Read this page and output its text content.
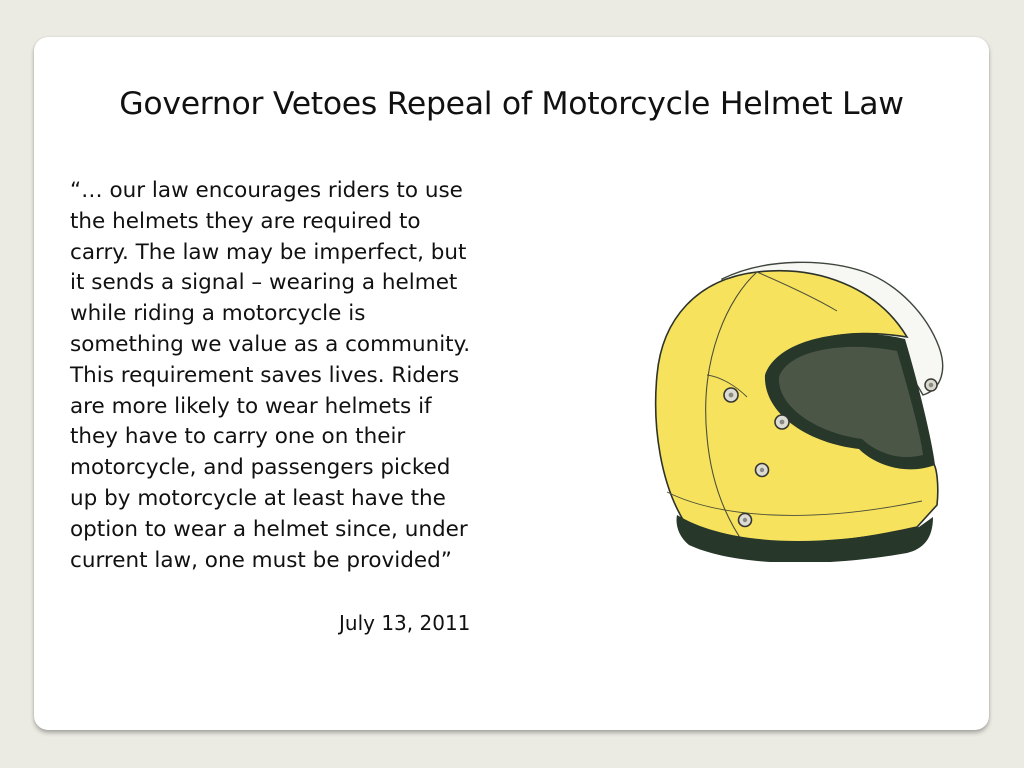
Governor Vetoes Repeal of Motorcycle Helmet Law

“… our law encourages riders to use
the helmets they are required to
carry. The law may be imperfect, but
it sends a signal – wearing a helmet
while riding a motorcycle is
something we value as a community.
This requirement saves lives. Riders
are more likely to wear helmets if
they have to carry one on their
motorcycle, and passengers picked
up by motorcycle at least have the
option to wear a helmet since, under
current law, one must be provided”

July 13, 2011
